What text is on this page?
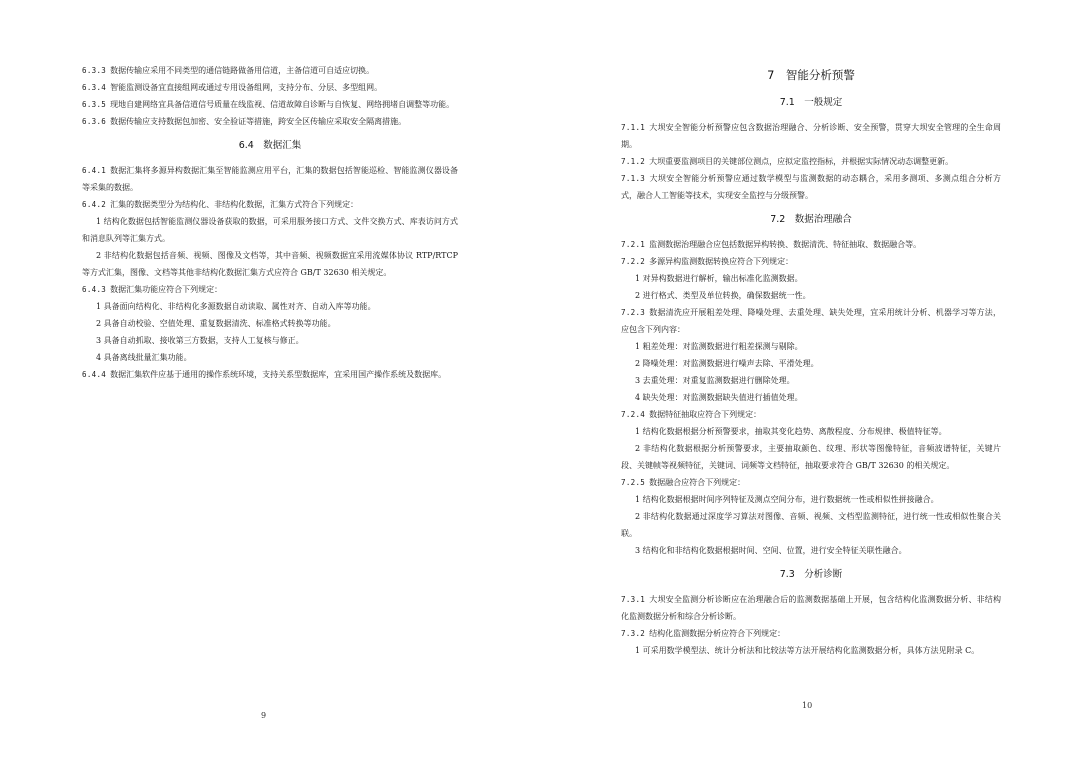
6.3.3  数据传输应采用不同类型的通信链路做备用信道，主备信道可自适应切换。

6.3.4  智能监测设备宜直接组网或通过专用设备组网，支持分布、分层、多型组网。

6.3.5  现地自建网络宜具备信道信号质量在线监视、信道故障自诊断与自恢复、网络拥堵自调整等功能。

6.3.6  数据传输应支持数据包加密、安全验证等措施，跨安全区传输应采取安全隔离措施。

6.4　数据汇集

6.4.1  数据汇集将多源异构数据汇集至智能监测应用平台，汇集的数据包括智能巡检、智能监测仪器设备等采集的数据。

6.4.2  汇集的数据类型分为结构化、非结构化数据，汇集方式符合下列规定：

1 结构化数据包括智能监测仪器设备获取的数据，可采用服务接口方式、文件交换方式、库表访问方式和消息队列等汇集方式。

2 非结构化数据包括音频、视频、图像及文档等，其中音频、视频数据宜采用流媒体协议 RTP/RTCP 等方式汇集，图像、文档等其他非结构化数据汇集方式应符合 GB/T 32630 相关规定。

6.4.3  数据汇集功能应符合下列规定：

1 具备面向结构化、非结构化多源数据自动读取、属性对齐、自动入库等功能。

2 具备自动校验、空值处理、重复数据清洗、标准格式转换等功能。

3 具备自动抓取、接收第三方数据，支持人工复核与修正。

4 具备离线批量汇集功能。

6.4.4  数据汇集软件应基于通用的操作系统环境，支持关系型数据库，宜采用国产操作系统及数据库。

7　智能分析预警
7.1　一般规定

7.1.1  大坝安全智能分析预警应包含数据治理融合、分析诊断、安全预警，贯穿大坝安全管理的全生命周期。

7.1.2  大坝重要监测项目的关键部位测点，应拟定监控指标，并根据实际情况动态调整更新。

7.1.3  大坝安全智能分析预警应通过数学模型与监测数据的动态耦合，采用多测项、多测点组合分析方式，融合人工智能等技术，实现安全监控与分级预警。

7.2　数据治理融合

7.2.1  监测数据治理融合应包括数据异构转换、数据清洗、特征抽取、数据融合等。

7.2.2  多源异构监测数据转换应符合下列规定：

1 对异构数据进行解析，输出标准化监测数据。

2 进行格式、类型及单位转换，确保数据统一性。

7.2.3  数据清洗应开展粗差处理、降噪处理、去重处理、缺失处理，宜采用统计分析、机器学习等方法，应包含下列内容：

1 粗差处理：对监测数据进行粗差探测与剔除。

2 降噪处理：对监测数据进行噪声去除、平滑处理。

3 去重处理：对重复监测数据进行删除处理。

4 缺失处理：对监测数据缺失值进行插值处理。

7.2.4  数据特征抽取应符合下列规定：

1 结构化数据根据分析预警要求，抽取其变化趋势、离散程度、分布规律、极值特征等。

2 非结构化数据根据分析预警要求，主要抽取颜色、纹理、形状等图像特征，音频波谱特征，关键片段、关键帧等视频特征，关键词、词频等文档特征，抽取要求符合 GB/T 32630 的相关规定。

7.2.5  数据融合应符合下列规定：

1 结构化数据根据时间序列特征及测点空间分布，进行数据统一性或相似性拼接融合。

2 非结构化数据通过深度学习算法对图像、音频、视频、文档型监测特征，进行统一性或相似性聚合关联。

3 结构化和非结构化数据根据时间、空间、位置，进行安全特征关联性融合。

7.3　分析诊断

7.3.1  大坝安全监测分析诊断应在治理融合后的监测数据基础上开展，包含结构化监测数据分析、非结构化监测数据分析和综合分析诊断。

7.3.2  结构化监测数据分析应符合下列规定：

1 可采用数学模型法、统计分析法和比较法等方法开展结构化监测数据分析，具体方法见附录 C。

9
10
